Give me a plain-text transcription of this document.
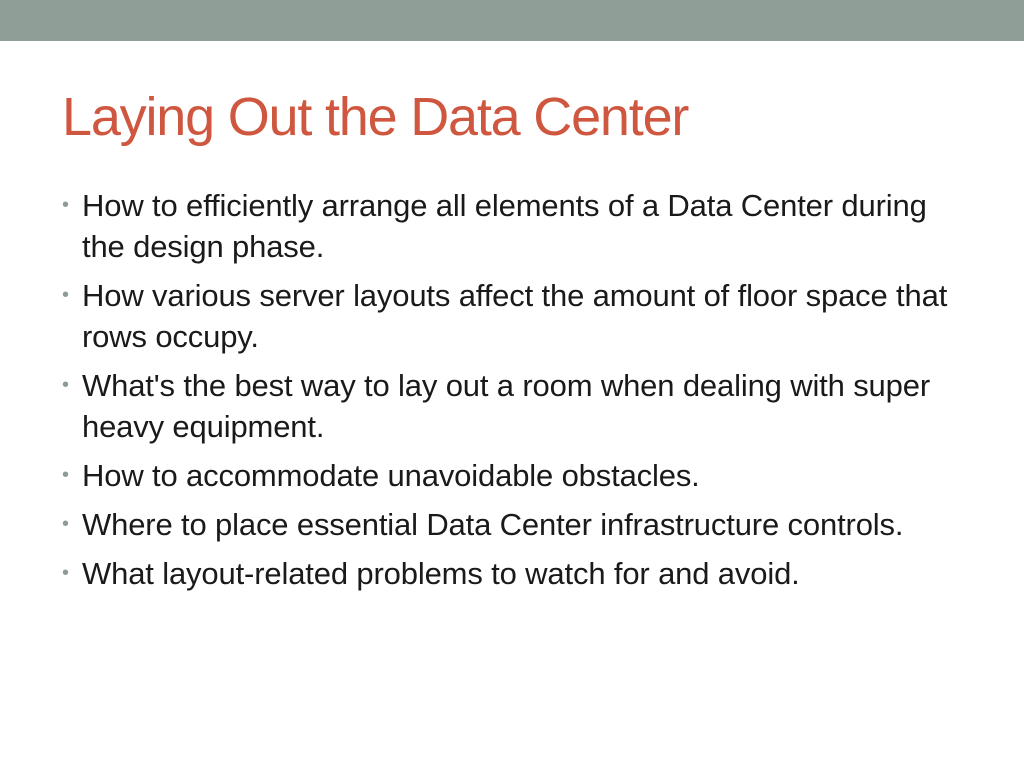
Laying Out the Data Center
• How to efficiently arrange all elements of a Data Center during the design phase.
• How various server layouts affect the amount of floor space that rows occupy.
• What's the best way to lay out a room when dealing with super heavy equipment.
• How to accommodate unavoidable obstacles.
• Where to place essential Data Center infrastructure controls.
• What layout-related problems to watch for and avoid.
